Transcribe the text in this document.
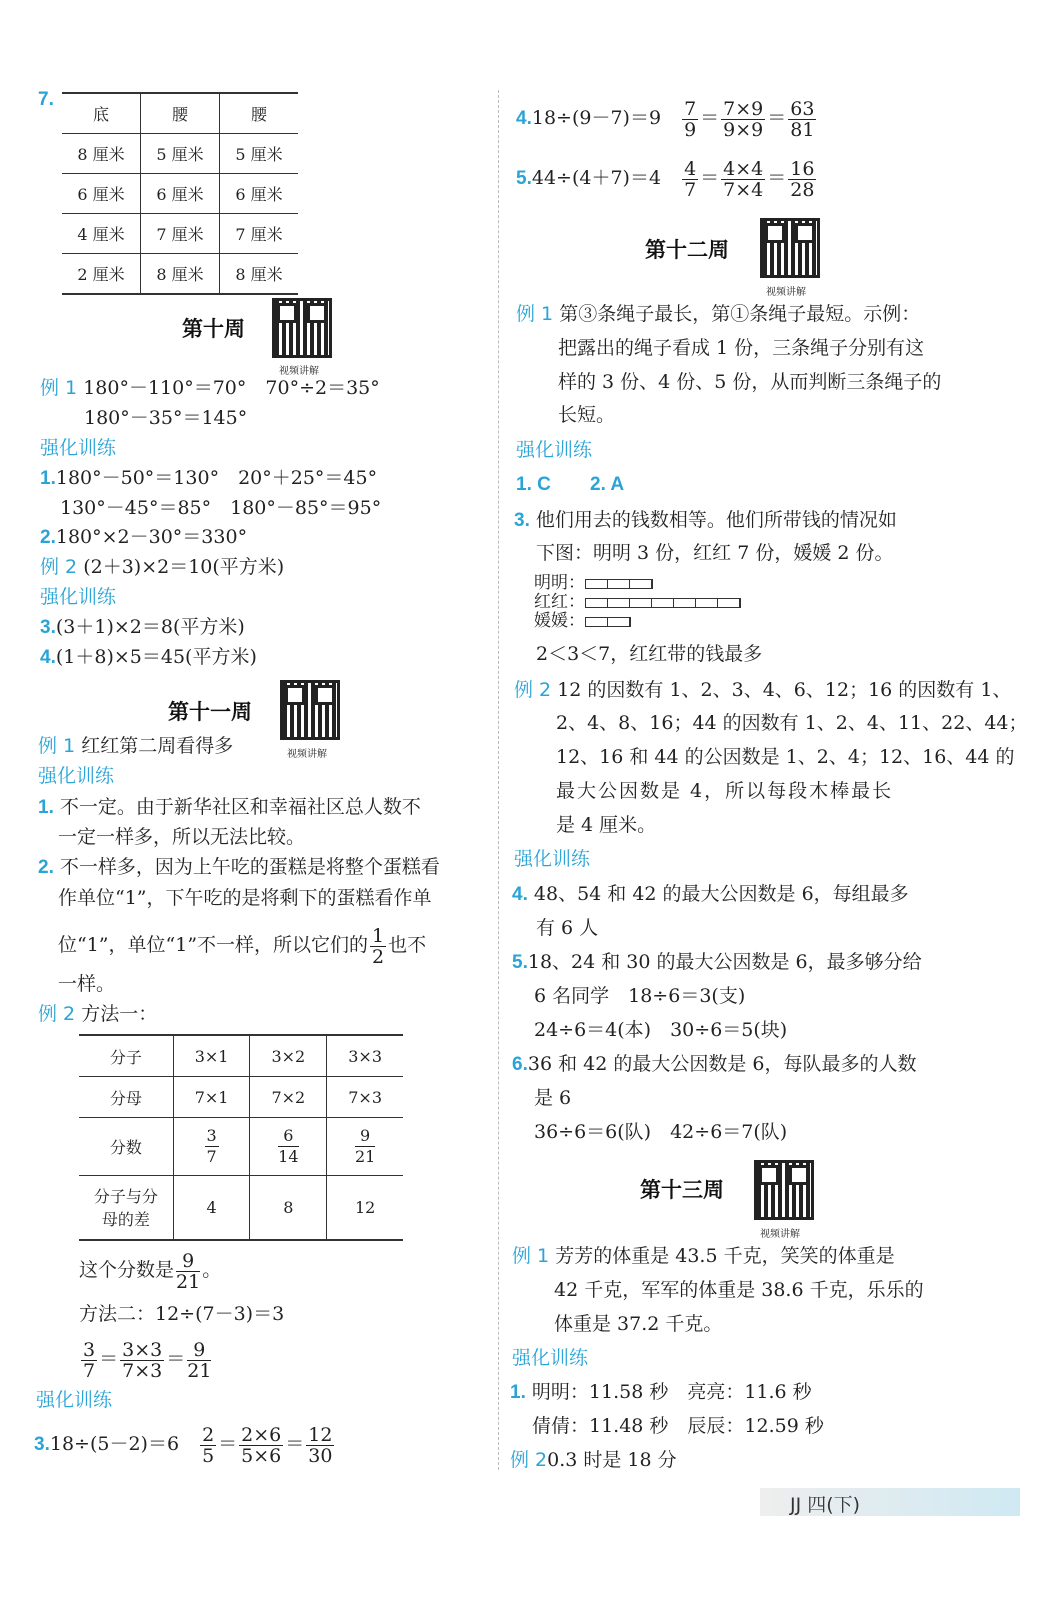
7.
底	腰	腰
8 厘米	5 厘米	5 厘米
6 厘米	6 厘米	6 厘米
4 厘米	7 厘米	7 厘米
2 厘米	8 厘米	8 厘米
第十周
视频讲解
例 1 180°－110°＝70°　70°÷2＝35°
180°－35°＝145°
强化训练
1.180°－50°＝130°　20°＋25°＝45°
130°－45°＝85°　180°－85°＝95°
2.180°×2－30°＝330°
例 2 (2＋3)×2＝10(平方米)
强化训练
3.(3＋1)×2＝8(平方米)
4.(1＋8)×5＝45(平方米)
第十一周
视频讲解
例 1 红红第二周看得多
强化训练
1. 不一定。由于新华社区和幸福社区总人数不
一定一样多，所以无法比较。
2. 不一样多，因为上午吃的蛋糕是将整个蛋糕看
作单位“1”，下午吃的是将剩下的蛋糕看作单
位“1”，单位“1”不一样，所以它们的 $\frac{1}{2}$ 也不
一样。
例 2 方法一：
分子	3×1	3×2	3×3
分母	7×1	7×2	7×3
分数	$\frac{3}{7}$	$\frac{6}{14}$	$\frac{9}{21}$

分子与分
母的差	4	8	12
这个分数是 $\frac{9}{21}$ 。
方法二：12÷(7－3)＝3
$\frac{3}{7} = \frac{3\times 3}{7\times 3} = \frac{9}{21}$
强化训练
3.18÷(5－2)＝6　 $\frac{2}{5} = \frac{2\times 6}{5\times 6} = \frac{12}{30}$
4.18÷(9－7)＝9　 $\frac{7}{9} = \frac{7\times 9}{9\times 9} = \frac{63}{81}$
5.44÷(4＋7)＝4　 $\frac{4}{7} = \frac{4\times 4}{7\times 4} = \frac{16}{28}$
第十二周
视频讲解
例 1 第③条绳子最长，第①条绳子最短。示例：
把露出的绳子看成 1 份，三条绳子分别有这
样的 3 份、4 份、5 份，从而判断三条绳子的
长短。
强化训练
1. C 2. A
3. 他们用去的钱数相等。他们所带钱的情况如
下图：明明 3 份，红红 7 份，媛媛 2 份。
明明：
红红：
媛媛：
2＜3＜7，红红带的钱最多
例 2 12 的因数有 1、2、3、4、6、12；16 的因数有 1、
2、4、8、16；44 的因数有 1、2、4、11、22、44；
12、16 和 44 的公因数是 1、2、4；12、16、44 的
最大公因数是 4，所以每段木棒最长
是 4 厘米。
强化训练
4. 48、54 和 42 的最大公因数是 6，每组最多
有 6 人
5.18、24 和 30 的最大公因数是 6，最多够分给
6 名同学　18÷6＝3(支)
24÷6＝4(本)　30÷6＝5(块)
6.36 和 42 的最大公因数是 6，每队最多的人数
是 6
36÷6＝6(队)　42÷6＝7(队)
第十三周
视频讲解
例 1 芳芳的体重是 43.5 千克，笑笑的体重是
42 千克，军军的体重是 38.6 千克，乐乐的
体重是 37.2 千克。
强化训练
1. 明明：11.58 秒　亮亮：11.6 秒
倩倩：11.48 秒　辰辰：12.59 秒
例 20.3 时是 18 分
JJ 四(下)
